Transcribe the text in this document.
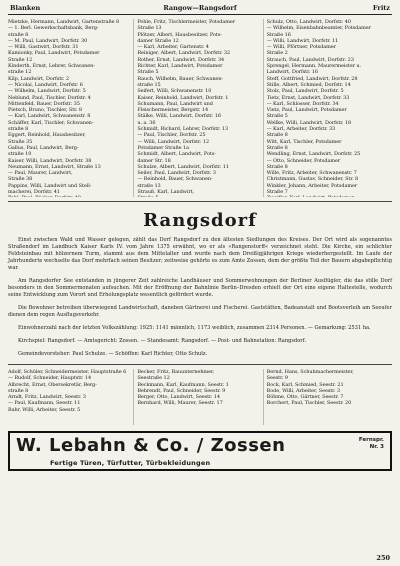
Blanken	Rangow—Rangsdorf	Fritz
Mietzke, Hermann, Landwirt, Gartenstraße 8
— 1. Berl. Gewerkschaftsbank, Berg-
straße 8
— M. Paul, Landwirt, Dorfstr. 30
— Willi, Gastwirt, Dorfstr. 31
Kamionky, Paul, Landwirt, Potsdamer
Straße 12
Kinderth, Ernst, Lehrer, Schwanen-
straße 12
Kilp, Landwirt, Dorfstr. 2
— Nicolai, Landwirt, Dorfstr. 6
— Wilhelm, Landwirt, Dorfstr. 5
Neblund, Paul, Tischler, Dorfstr. 4
Mittenfeld, Bauer, Dorfstr. 35
Pietsch, Bruno, Tischler, Str. 8
— Karl, Landwirt, Schwanenstr. 8
Schäffer, Karl, Tischler, Schwanen-
straße 8
Eggert, Reinhold, Hausbesitzer,
Straße 35
Gallus, Paul, Landwirt, Berg-
straße 10
Kaiser, Willi, Landwirt, Dorfstr. 38
Neumann, Ernst, Landwirt, Straße 13
— Paul, Maurer, Landwirt,
Straße 38
Pappins, Willi, Landwirt und Stell-
macherei, Dorfstr. 41
Pohle, Fritz, Tischlermeister, Potsdamer
Straße 13
Plötzer, Albert, Hausbesitzer, Pots-
damer Straße 12
— Karl, Arbeiter, Gartenstr. 4
Reiniger, Albert, Landwirt, Dorfstr. 32
Rother, Ernst, Landwirt, Dorfstr. 34
Richter, Karl, Landwirt, Potsdamer
Straße 5
Rauch, Wilhelm, Bauer, Schwanen-
straße 15
Seifert, Willi, Schwanenstr. 10
Kaiser, Reinhold, Landwirt, Dorfstr. 1
Schumann, Paul, Landwirt und
Fleischermeister, Bergstr. 14
Stälke, Willi, Landwirt, Dorfstr. 16
u. a. 36
Schmidt, Richard, Lehrer, Dorfstr. 13
— Paul, Tischler, Dorfstr. 25
— Willi, Landwirt, Dorfstr. 12
Potsdamer Straße 1a
Schmidt, Albert, Landwirt, Pots-
damer Str. 18
Schulze, Albert, Landwirt, Dorfstr. 11
Seiler, Paul, Landwirt, Dorfstr. 3
— Reinhold, Bauer, Schwanen-
straße 13
Strauß, Karl, Landwirt,
Schulz, Otto, Landwirt, Dorfstr. 40
— Wilhelm, Eisenbahnbeamter, Potsdamer
Straße 16
— Willi, Landwirt, Dorfstr. 11
— Willi, Pförtner, Potsdamer
Straße 2
Strauch, Paul, Landwirt, Dorfstr. 23
Sprengel, Hermann, Maurermeister u.
Landwirt, Dorfstr. 16
Steff, Gottfried, Landwirt, Dorfstr. 28
Stille, Albert, Schmied, Dorfstr. 14
Stolz, Paul, Landwirt, Dorfstr. 5
Tietz, Ernst, Landwirt, Dorfstr. 33
— Karl, Schlosser, Dorfstr. 34
Vietz, Paul, Landwirt, Potsdamer
Straße 5
Wellke, Willi, Landwirt, Dorfstr. 18
— Karl, Arbeiter, Dorfstr. 33
Straße 8
Witt, Karl, Tischler, Potsdamer
Straße 8
Wendling, Ernst, Landwirt, Dorfstr. 25
— Otto, Schneider, Potsdamer
Straße 8
Wille, Fritz, Arbeiter, Schwanenstr. 7
Christmann, Gustav, Schneider, Str. 8
Winkler, Johann, Arbeiter, Potsdamer
Straße 7
Rangsdorf

Einst zwischen Wald und Wasser gelegen, zählt das Dorf Rangsdorf zu den ältesten Siedlungen des Kreises. Der Ort wird als sogenanntes Straßendorf im Landbuch Kaiser Karls IV. vom Jahre 1375 erwähnt, wo er als »Rangenstorff« verzeichnet steht. Die Kirche, ein schlichter Feldsteinbau mit hölzernem Turm, stammt aus dem Mittelalter und wurde nach dem Dreißigjährigen Kriege wiederhergestellt. Im Laufe der Jahrhunderte wechselte das Dorf mehrfach seinen Besitzer; zeitweise gehörte es zum Amte Zossen, dem der größte Teil der Bauern abgabepflichtig war.

Am Rangsdorfer See entstanden in jüngerer Zeit zahlreiche Landhäuser und Sommerwohnungen der Berliner Ausflügler, die das stille Dorf besonders in den Sommermonaten aufsuchen. Mit der Eröffnung der Bahnlinie Berlin–Dresden erhielt der Ort eine eigene Haltestelle, wodurch seine Entwicklung zum Vorort und Erholungsplatz wesentlich gefördert wurde.

Die Bewohner betreiben überwiegend Landwirtschaft, daneben Gärtnerei und Fischerei. Gaststätten, Badeanstalt und Bootsverleih am Seeufer dienen dem regen Ausflugsverkehr.

Einwohnerzahl nach der letzten Volkszählung: 1925: 1141 männlich, 1173 weiblich, zusammen 2314 Personen. — Gemarkung: 2531 ha.

Kirchspiel: Rangsdorf. — Amtsgericht: Zossen. — Standesamt: Rangsdorf. — Post- und Bahnstation: Rangsdorf.

Gemeindevorsteher: Paul Schulze. — Schöffen: Karl Richter, Otto Schulz.

Adolf, Schüler, Schneidermeister, Hauptstraße 6
— Rudolf, Schneider, Hauptstr. 14
Albrecht, Ernst, Obersekretär, Berg-
straße 8
Arndt, Fritz, Landwirt, Seestr. 3
— Paul, Kaufmann, Seestr. 11
Bahr, Willi, Arbeiter, Seestr. 5
Becker, Fritz, Bauunternehmer,
Seestraße 12
Beckmann, Karl, Kaufmann, Seestr. 1
Behrendt, Paul, Schneider, Seestr. 9
Berger, Otto, Landwirt, Seestr. 14
Bernhard, Willi, Maurer, Seestr. 17
Bernd, Hans, Schuhmachermeister,
Seestr. 9
Bock, Karl, Schmied, Seestr. 21
Bode, Willi, Arbeiter, Seestr. 3
Böhme, Otto, Gärtner, Seestr. 7
Borchert, Paul, Tischler, Seestr. 20
W. Lebahn & Co. / Zossen
Fertige Türen, Türfutter, Türbekleidungen
Fernspr.
Nr. 3
250
